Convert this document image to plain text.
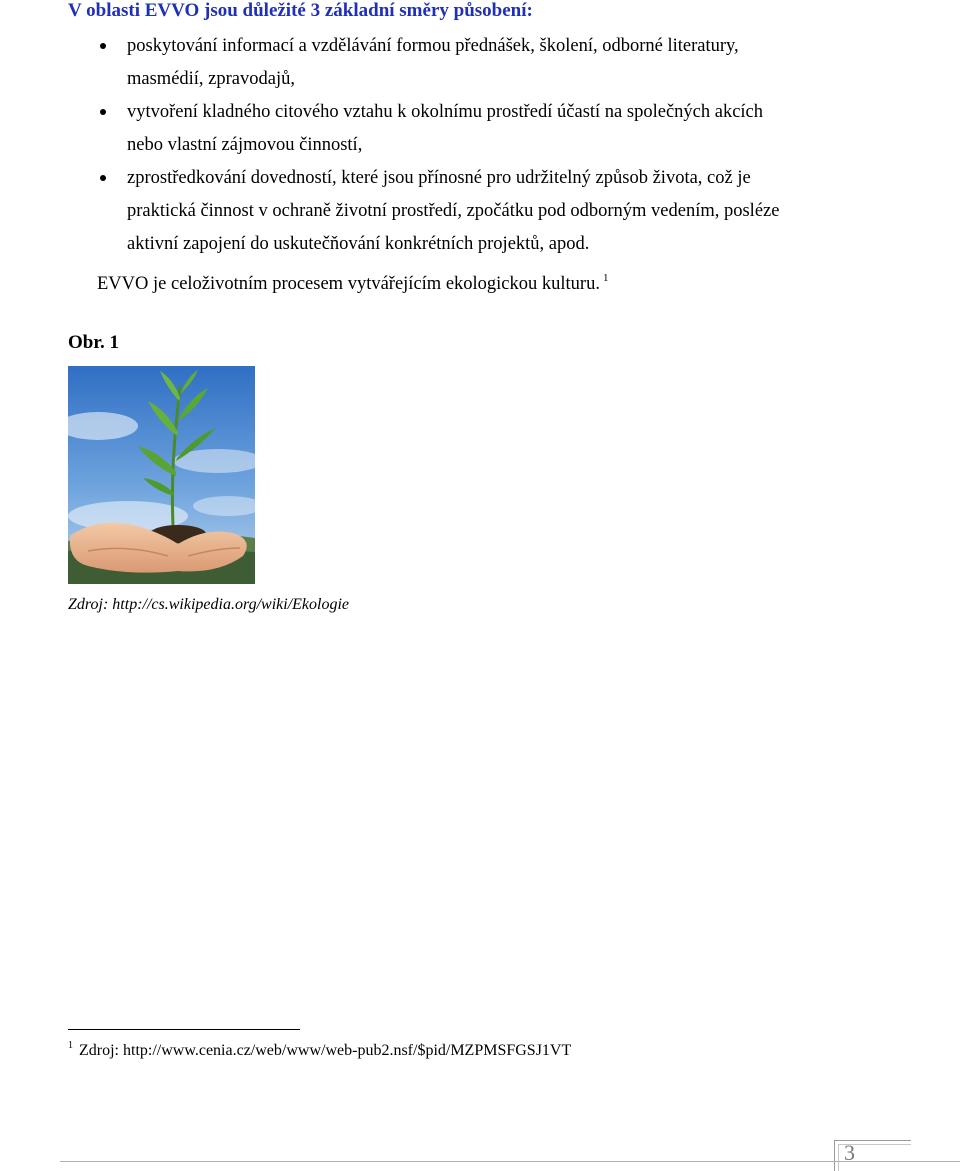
V oblasti EVVO jsou důležité 3 základní směry působení:
poskytování informací a vzdělávání formou přednášek, školení, odborné literatury, masmédií, zpravodajů,
vytvoření kladného citového vztahu k okolnímu prostředí účastí na společných akcích nebo vlastní zájmovou činností,
zprostředkování dovedností, které jsou přínosné pro udržitelný způsob života, což je praktická činnost v ochraně životní prostředí, zpočátku pod odborným vedením, posléze aktivní zapojení do uskutečňování konkrétních projektů, apod.
EVVO je celoživotním procesem vytvářejícím ekologickou kulturu. $^1$
Obr. 1
Zdroj: http://cs.wikipedia.org/wiki/Ekologie
$^1$ Zdroj: http://www.cenia.cz/web/www/web-pub2.nsf/$pid/MZPMSFGSJ1VT
3
